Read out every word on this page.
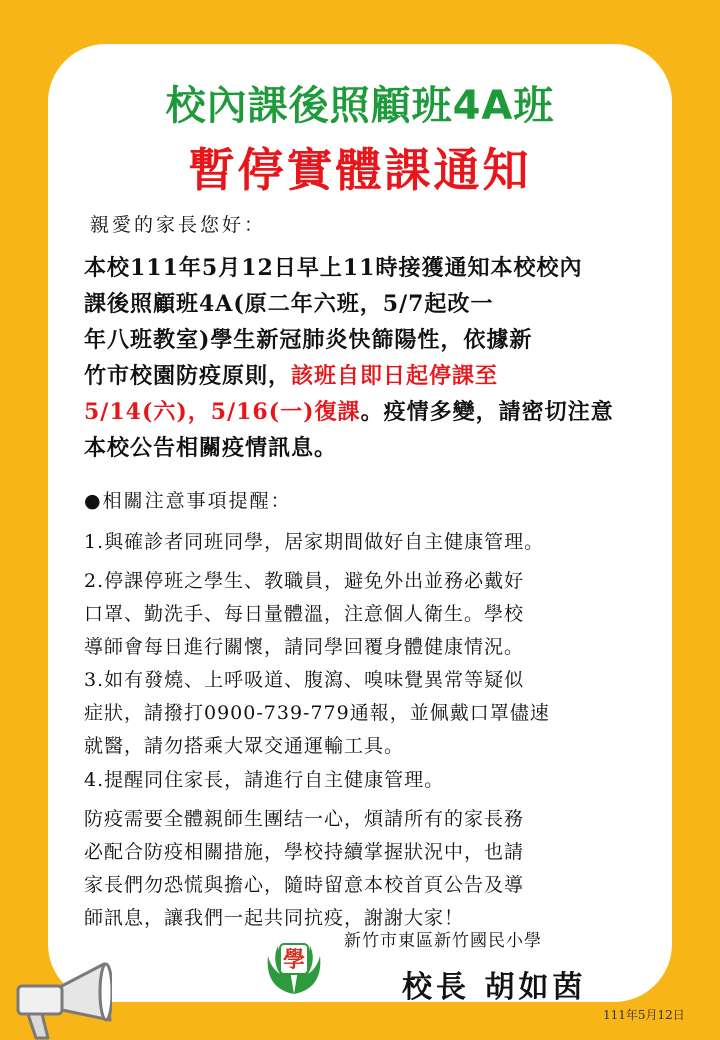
校內課後照顧班4A班
暫停實體課通知
親愛的家長您好：
本校111年5月12日早上11時接獲通知本校校內
課後照顧班4A(原二年六班，5/7起改一
年八班教室)學生新冠肺炎快篩陽性，依據新
竹市校園防疫原則，該班自即日起停課至
5/14(六)，5/16(一)復課。疫情多變，請密切注意
本校公告相關疫情訊息。
●相關注意事項提醒：
1.與確診者同班同學，居家期間做好自主健康管理。
2.停課停班之學生、教職員，避免外出並務必戴好
口罩、勤洗手、每日量體溫，注意個人衛生。學校
導師會每日進行關懷，請同學回覆身體健康情況。
3.如有發燒、上呼吸道、腹瀉、嗅味覺異常等疑似
症狀，請撥打0900-739-779通報，並佩戴口罩儘速
就醫，請勿搭乘大眾交通運輸工具。
4.提醒同住家長，請進行自主健康管理。
防疫需要全體親師生團结一心，煩請所有的家長務
必配合防疫相關措施，學校持續掌握狀況中，也請
家長們勿恐慌與擔心，隨時留意本校首頁公告及導
師訊息，讓我們一起共同抗疫，謝謝大家！
學
新竹市東區新竹國民小學
校長 胡如茵
111年5月12日
